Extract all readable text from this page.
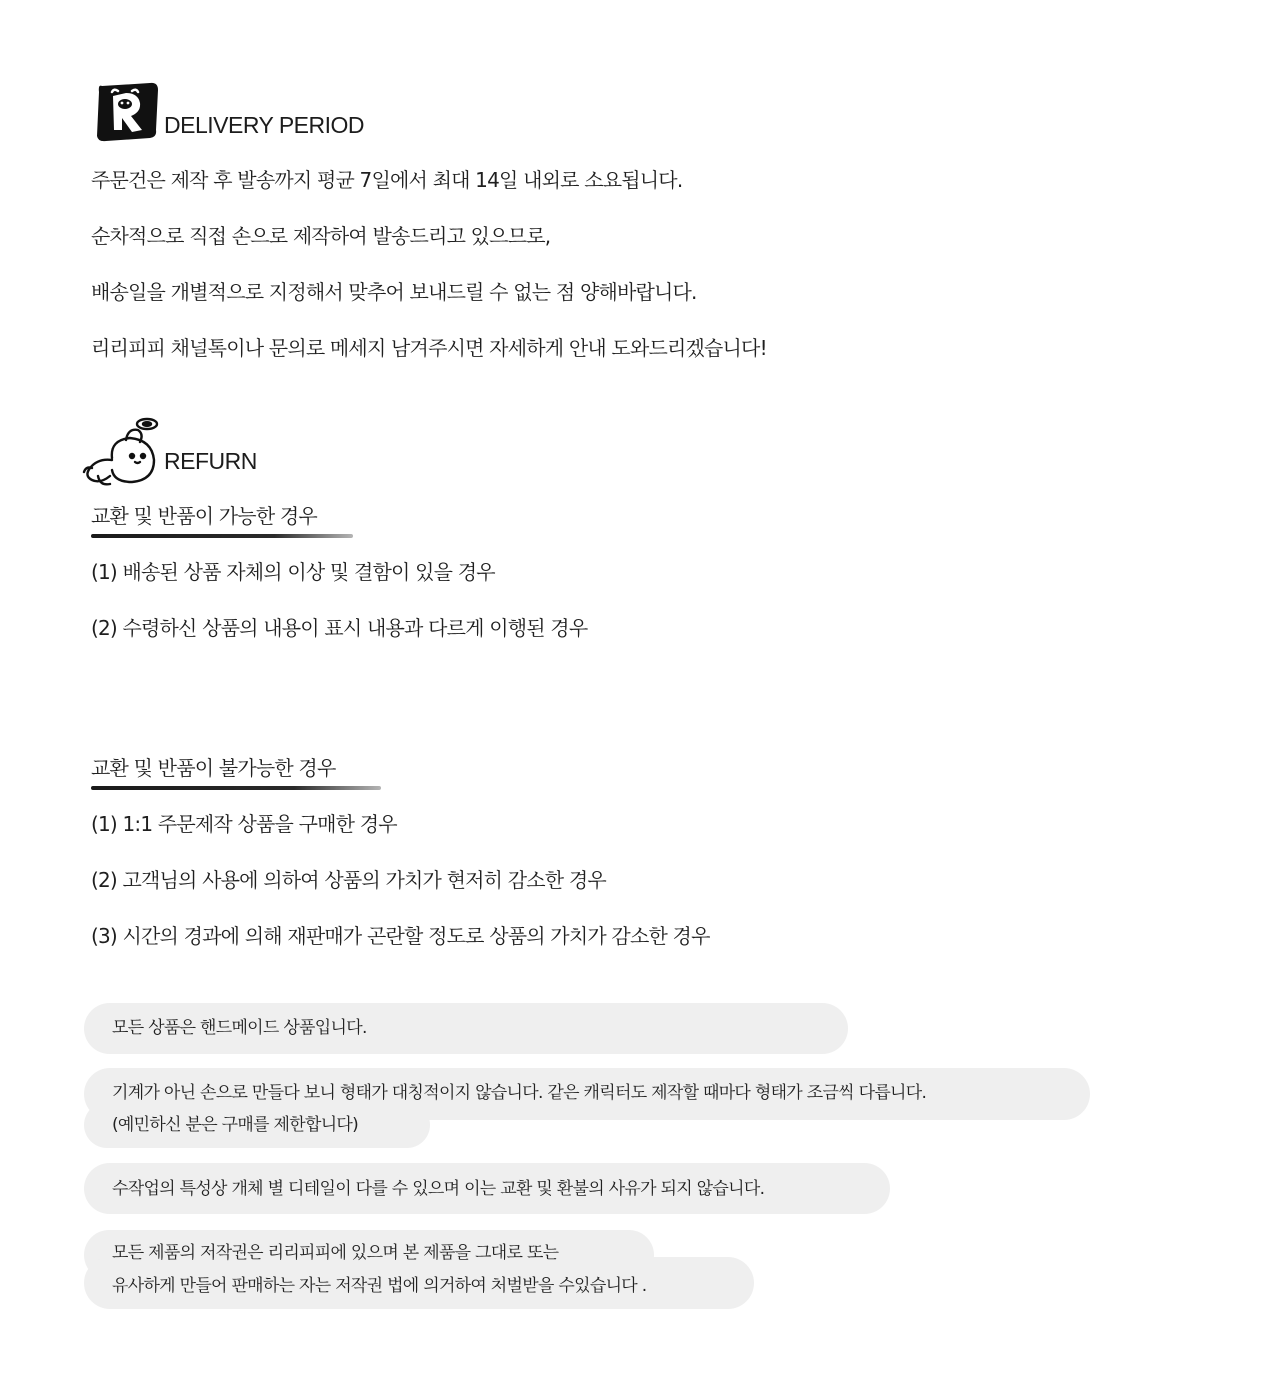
DELIVERY PERIOD
주문건은 제작 후 발송까지 평균 7일에서 최대 14일 내외로 소요됩니다.
순차적으로 직접 손으로 제작하여 발송드리고 있으므로,
배송일을 개별적으로 지정해서 맞추어 보내드릴 수 없는 점 양해바랍니다.
리리피피 채널톡이나 문의로 메세지 남겨주시면 자세하게 안내 도와드리겠습니다!
REFURN
교환 및 반품이 가능한 경우
(1) 배송된 상품 자체의 이상 및 결함이 있을 경우
(2) 수령하신 상품의 내용이 표시 내용과 다르게 이행된 경우
교환 및 반품이 불가능한 경우
(1) 1:1 주문제작 상품을 구매한 경우
(2) 고객님의 사용에 의하여 상품의 가치가 현저히 감소한 경우
(3) 시간의 경과에 의해 재판매가 곤란할 정도로 상품의 가치가 감소한 경우
모든 상품은 핸드메이드 상품입니다.
기계가 아닌 손으로 만들다 보니 형태가 대칭적이지 않습니다. 같은 캐릭터도 제작할 때마다 형태가 조금씩 다릅니다.
(예민하신 분은 구매를 제한합니다)
수작업의 특성상 개체 별 디테일이 다를 수 있으며 이는 교환 및 환불의 사유가 되지 않습니다.
모든 제품의 저작권은 리리피피에 있으며 본 제품을 그대로 또는
유사하게 만들어 판매하는 자는 저작권 법에 의거하여 처벌받을 수있습니다 .
